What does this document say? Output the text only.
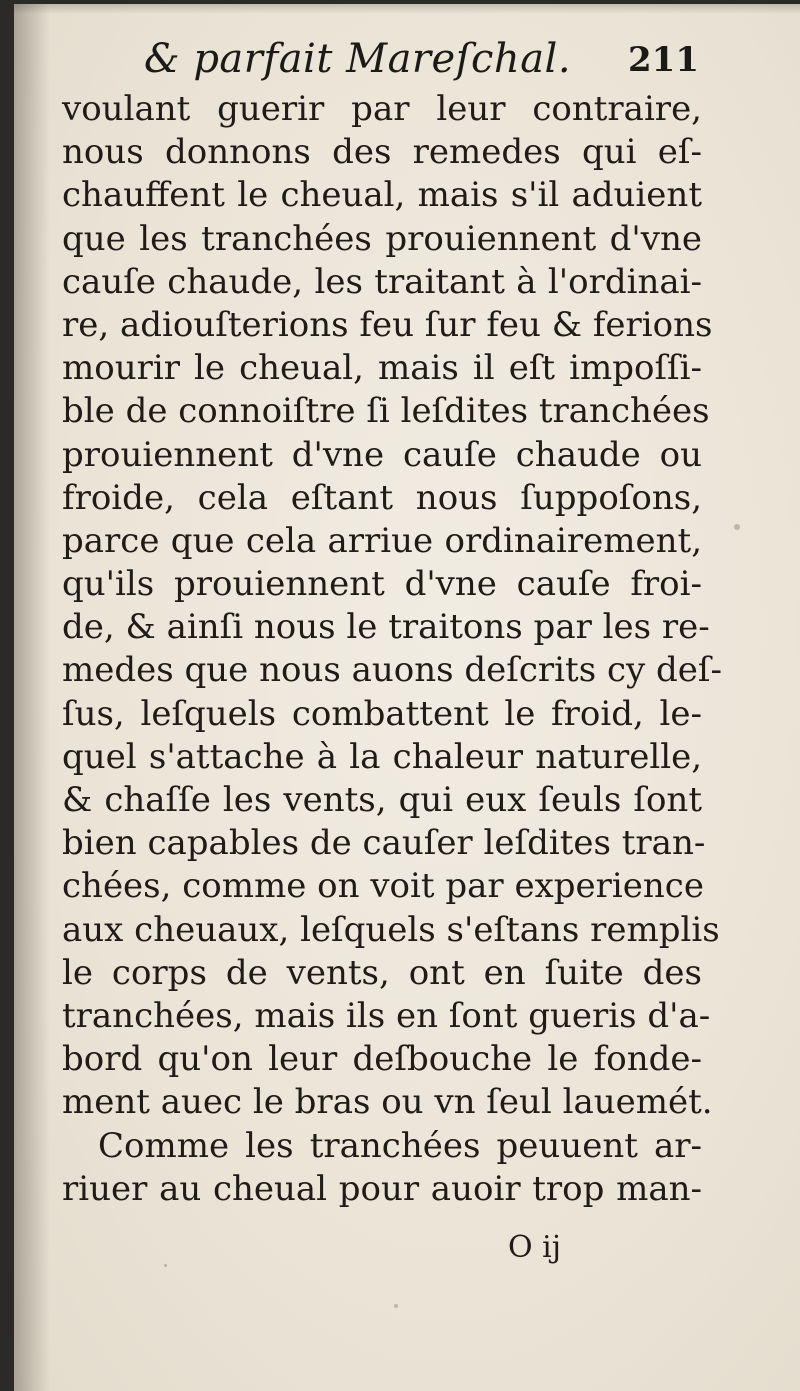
& parfait Mareſchal. 211
voulant guerir par leur contraire,
nous donnons des remedes qui eſ-
chauffent le cheual, mais s'il aduient
que les tranchées prouiennent d'vne
cauſe chaude, les traitant à l'ordinai-
re, adiouſterions feu ſur feu & ferions
mourir le cheual, mais il eſt impoſſi-
ble de connoiſtre ſi leſdites tranchées
prouiennent d'vne cauſe chaude ou
froide, cela eſtant nous ſuppoſons,
parce que cela arriue ordinairement,
qu'ils prouiennent d'vne cauſe froi-
de, & ainſi nous le traitons par les re-
medes que nous auons deſcrits cy deſ-
ſus, leſquels combattent le froid, le-
quel s'attache à la chaleur naturelle,
& chaſſe les vents, qui eux ſeuls ſont
bien capables de cauſer leſdites tran-
chées, comme on voit par experience
aux cheuaux, leſquels s'eſtans remplis
le corps de vents, ont en ſuite des
tranchées, mais ils en ſont gueris d'a-
bord qu'on leur deſbouche le fonde-
ment auec le bras ou vn ſeul lauemét.
Comme les tranchées peuuent ar-
riuer au cheual pour auoir trop man-
O ij
